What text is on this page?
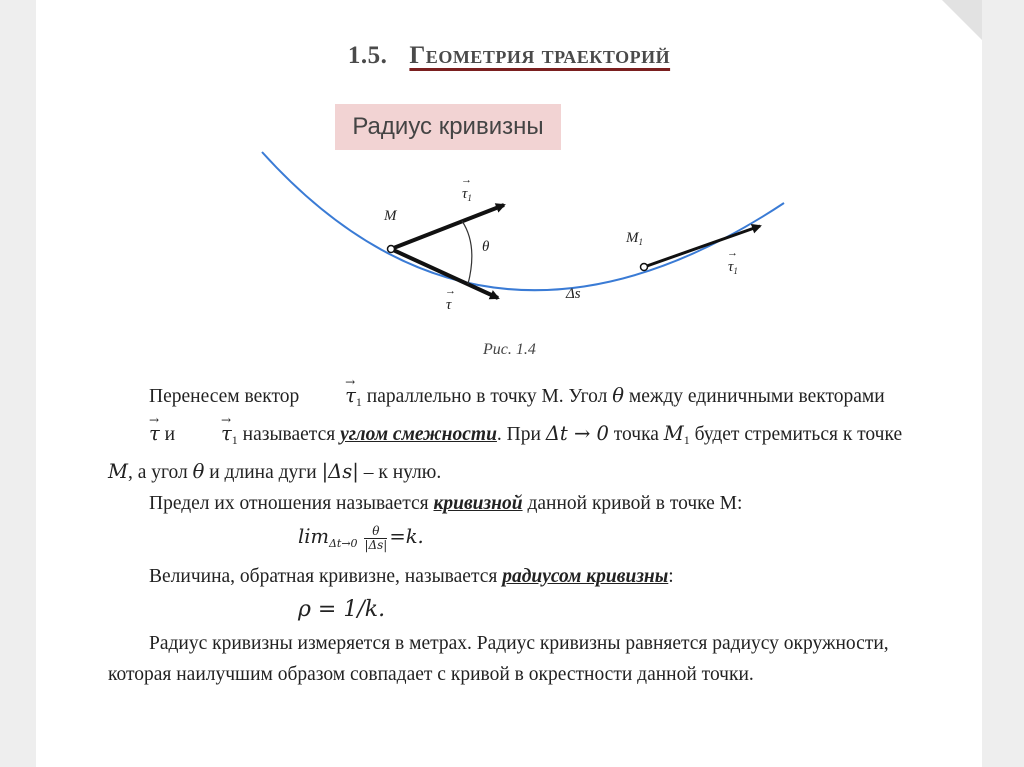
1.5. Геометрия траекторий
Радиус кривизны
M
→ $\tau_1$
θ
→ τ
$M_1$
→ $\tau_1$
Δs
Рис. 1.4

Перенесем вектор → $\tau_1$ параллельно в точку М. Угол θ между единичными векторами → τ $и \to \tau_1$ называется углом смежности. При Δt → 0 точка $M_1$ будет стремиться к точке M, а угол θ и длина дуги |Δs| – к нулю.

Предел их отношения называется кривизной данной кривой в точке М:

$\lim_{\Delta t\to 0} \frac{\theta}{|\Delta s|} =k$.

Величина, обратная кривизне, называется радиусом кривизны:

ρ = 1/k.

Радиус кривизны измеряется в метрах. Радиус кривизны равняется радиусу окружности, которая наилучшим образом совпадает с кривой в окрестности данной точки.
